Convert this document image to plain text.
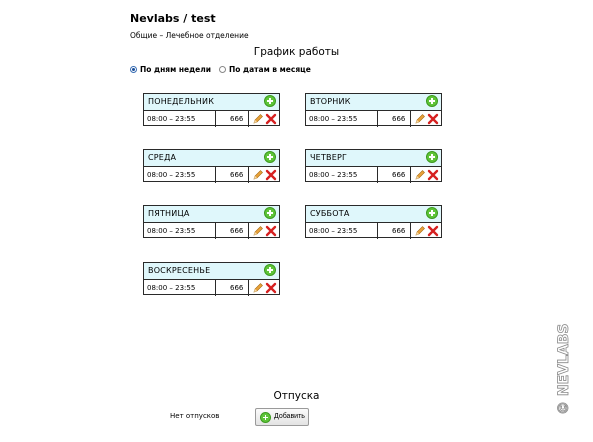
Nevlabs / test
Общие – Лечебное отделение
График работы
По дням недели По датам в месяце
ПОНЕДЕЛЬНИК
08:00 – 23:55	666
ВТОРНИК
08:00 – 23:55	666
СРЕДА
08:00 – 23:55	666
ЧЕТВЕРГ
08:00 – 23:55	666
ПЯТНИЦА
08:00 – 23:55	666
СУББОТА
08:00 – 23:55	666
ВОСКРЕСЕНЬЕ
08:00 – 23:55	666
Отпуска
Нет отпусков	Добавить
© NEVLABS
